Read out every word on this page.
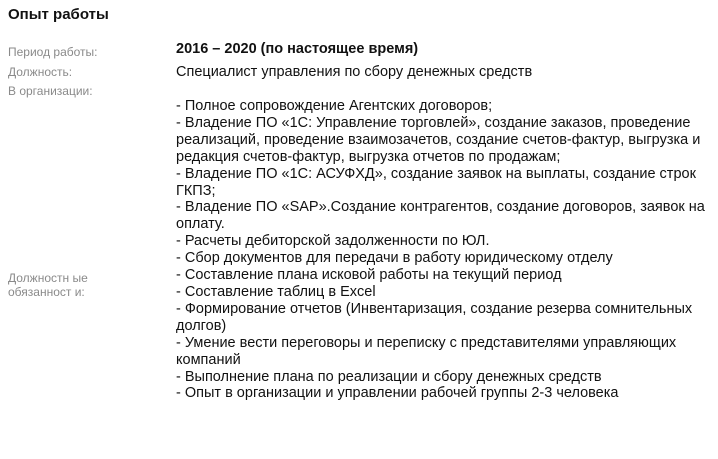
Опыт работы
Период работы:	2016 – 2020 (по настоящее время)
Должность:	Специалист управления по сбору денежных средств
В организации:
Должностн ые обязанност и:
- Полное сопровождение Агентских договоров;
- Владение ПО «1С: Управление торговлей», создание заказов, проведение реализаций, проведение взаимозачетов, создание счетов-фактур, выгрузка и редакция счетов-фактур, выгрузка отчетов по продажам;
- Владение ПО «1С: АСУФХД», создание заявок на выплаты, создание строк ГКПЗ;
- Владение ПО «SAP».Создание контрагентов, создание договоров, заявок на оплату.
- Расчеты дебиторской задолженности по ЮЛ.
- Сбор документов для передачи в работу юридическому отделу
- Составление плана исковой работы на текущий период
- Составление таблиц в Excel
- Формирование отчетов (Инвентаризация, создание резерва сомнительных долгов)
- Умение вести переговоры и переписку с представителями управляющих компаний
- Выполнение плана по реализации и сбору денежных средств
- Опыт в организации и управлении рабочей группы 2-3 человека
